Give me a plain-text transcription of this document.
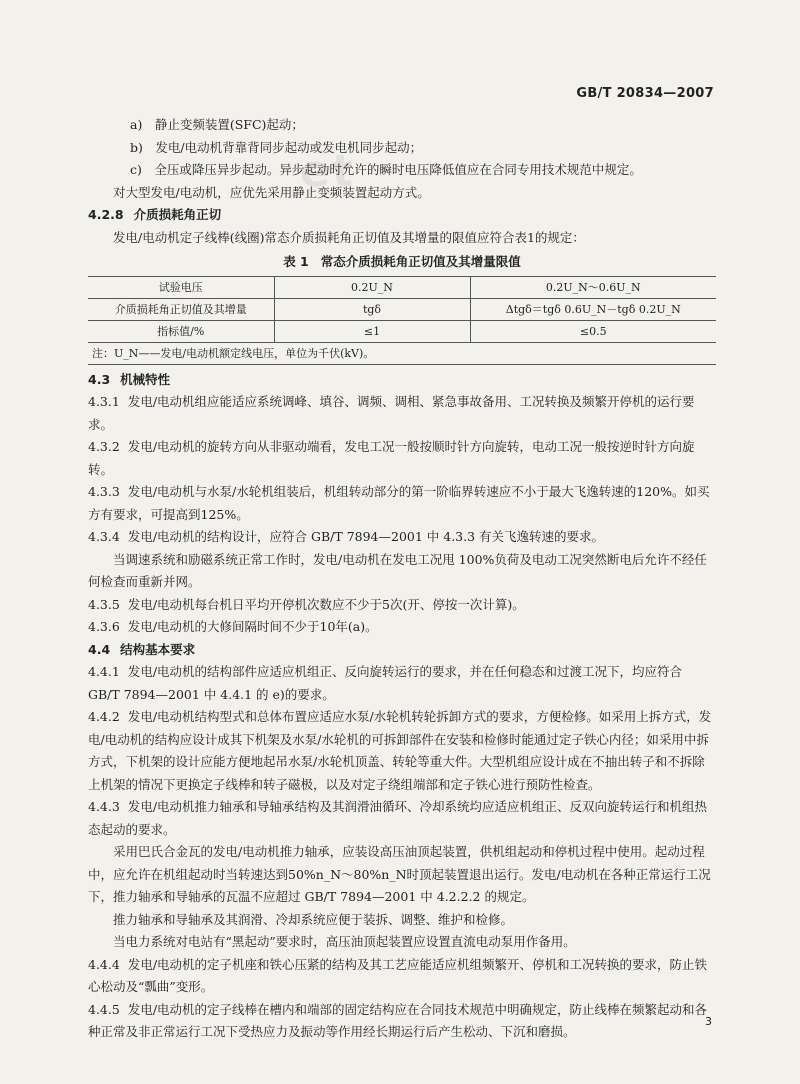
GB/T 20834—2007
et

a)　静止变频装置(SFC)起动；

b)　发电/电动机背靠背同步起动或发电机同步起动；

c)　全压或降压异步起动。异步起动时允许的瞬时电压降低值应在合同专用技术规范中规定。

对大型发电/电动机，应优先采用静止变频装置起动方式。

4.2.8 介质损耗角正切

发电/电动机定子线棒(线圈)常态介质损耗角正切值及其增量的限值应符合表1的规定：

表 1 常态介质损耗角正切值及其增量限值
试验电压	0.2U_N	0.2U_N～0.6U_N
介质损耗角正切值及其增量	tgδ	Δtgδ＝tgδ 0.6U_N－tgδ 0.2U_N
指标值/%	≤1	≤0.5
注：U_N——发电/电动机额定线电压，单位为千伏(kV)。		

4.3 机械特性

4.3.1 发电/电动机组应能适应系统调峰、填谷、调频、调相、紧急事故备用、工况转换及频繁开停机的运行要求。

4.3.2 发电/电动机的旋转方向从非驱动端看，发电工况一般按顺时针方向旋转，电动工况一般按逆时针方向旋转。

4.3.3 发电/电动机与水泵/水轮机组装后，机组转动部分的第一阶临界转速应不小于最大飞逸转速的120%。如买方有要求，可提高到125%。

4.3.4 发电/电动机的结构设计，应符合 GB/T 7894—2001 中 4.3.3 有关飞逸转速的要求。

当调速系统和励磁系统正常工作时，发电/电动机在发电工况甩 100%负荷及电动工况突然断电后允许不经任何检查而重新并网。

4.3.5 发电/电动机每台机日平均开停机次数应不少于5次(开、停按一次计算)。

4.3.6 发电/电动机的大修间隔时间不少于10年(a)。

4.4 结构基本要求

4.4.1 发电/电动机的结构部件应适应机组正、反向旋转运行的要求，并在任何稳态和过渡工况下，均应符合 GB/T 7894—2001 中 4.4.1 的 e)的要求。

4.4.2 发电/电动机结构型式和总体布置应适应水泵/水轮机转轮拆卸方式的要求，方便检修。如采用上拆方式，发电/电动机的结构应设计成其下机架及水泵/水轮机的可拆卸部件在安装和检修时能通过定子铁心内径；如采用中拆方式，下机架的设计应能方便地起吊水泵/水轮机顶盖、转轮等重大件。大型机组应设计成在不抽出转子和不拆除上机架的情况下更换定子线棒和转子磁极，以及对定子绕组端部和定子铁心进行预防性检查。

4.4.3 发电/电动机推力轴承和导轴承结构及其润滑油循环、冷却系统均应适应机组正、反双向旋转运行和机组热态起动的要求。

采用巴氏合金瓦的发电/电动机推力轴承，应装设高压油顶起装置，供机组起动和停机过程中使用。起动过程中，应允许在机组起动时当转速达到50%n_N～80%n_N时顶起装置退出运行。发电/电动机在各种正常运行工况下，推力轴承和导轴承的瓦温不应超过 GB/T 7894—2001 中 4.2.2.2 的规定。

推力轴承和导轴承及其润滑、冷却系统应便于装拆、调整、维护和检修。

当电力系统对电站有“黑起动”要求时，高压油顶起装置应设置直流电动泵用作备用。

4.4.4 发电/电动机的定子机座和铁心压紧的结构及其工艺应能适应机组频繁开、停机和工况转换的要求，防止铁心松动及“瓢曲”变形。

4.4.5 发电/电动机的定子线棒在槽内和端部的固定结构应在合同技术规范中明确规定，防止线棒在频繁起动和各种正常及非正常运行工况下受热应力及振动等作用经长期运行后产生松动、下沉和磨损。

3
